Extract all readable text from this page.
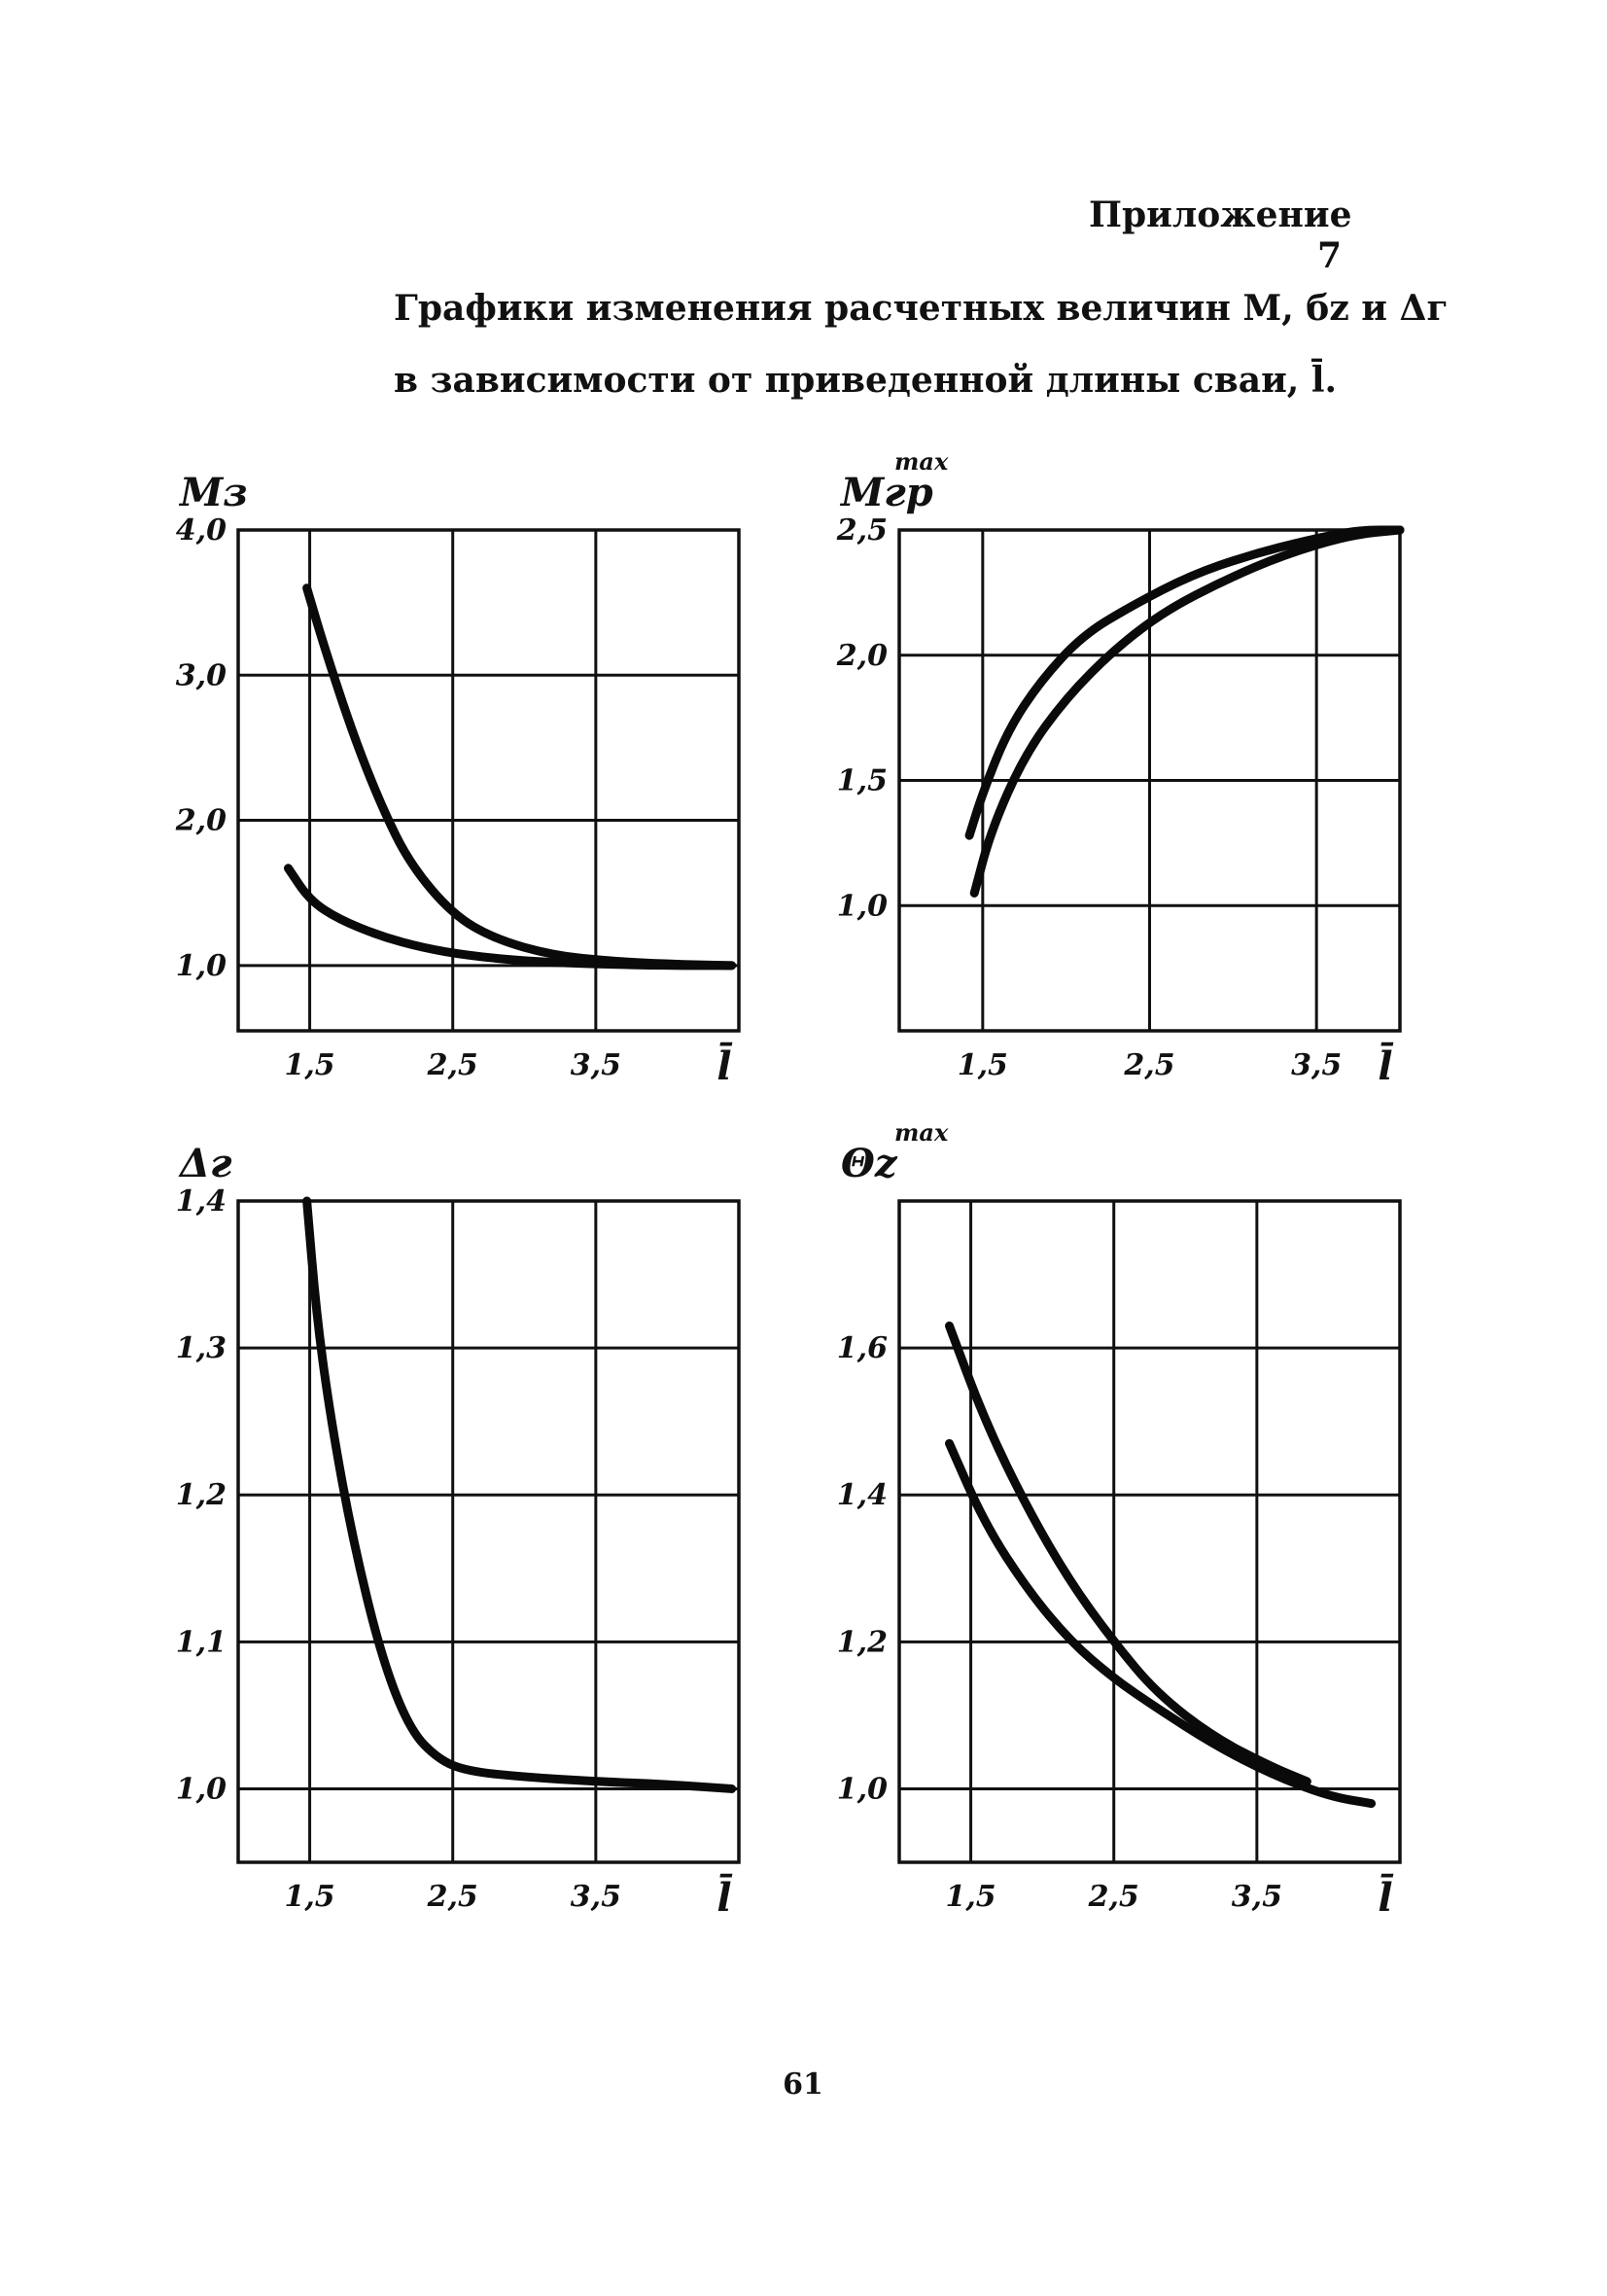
Приложение 7
Графики изменения расчетных величин М, бz и Δг
в зависимости от приведенной длины сваи, l̄.
1,5	2,5	3,5
4,0
3,0
2,0
1,0
l̄
Mз
1,5	2,5	3,5
2,5
2,0
1,5
1,0
l̄
Mгр
max
1,5	2,5	3,5
1,4
1,3
1,2
1,1
1,0
l̄
Δг
1,5	2,5	3,5
1,6
1,4
1,2
1,0
l̄
Θz
max
61
